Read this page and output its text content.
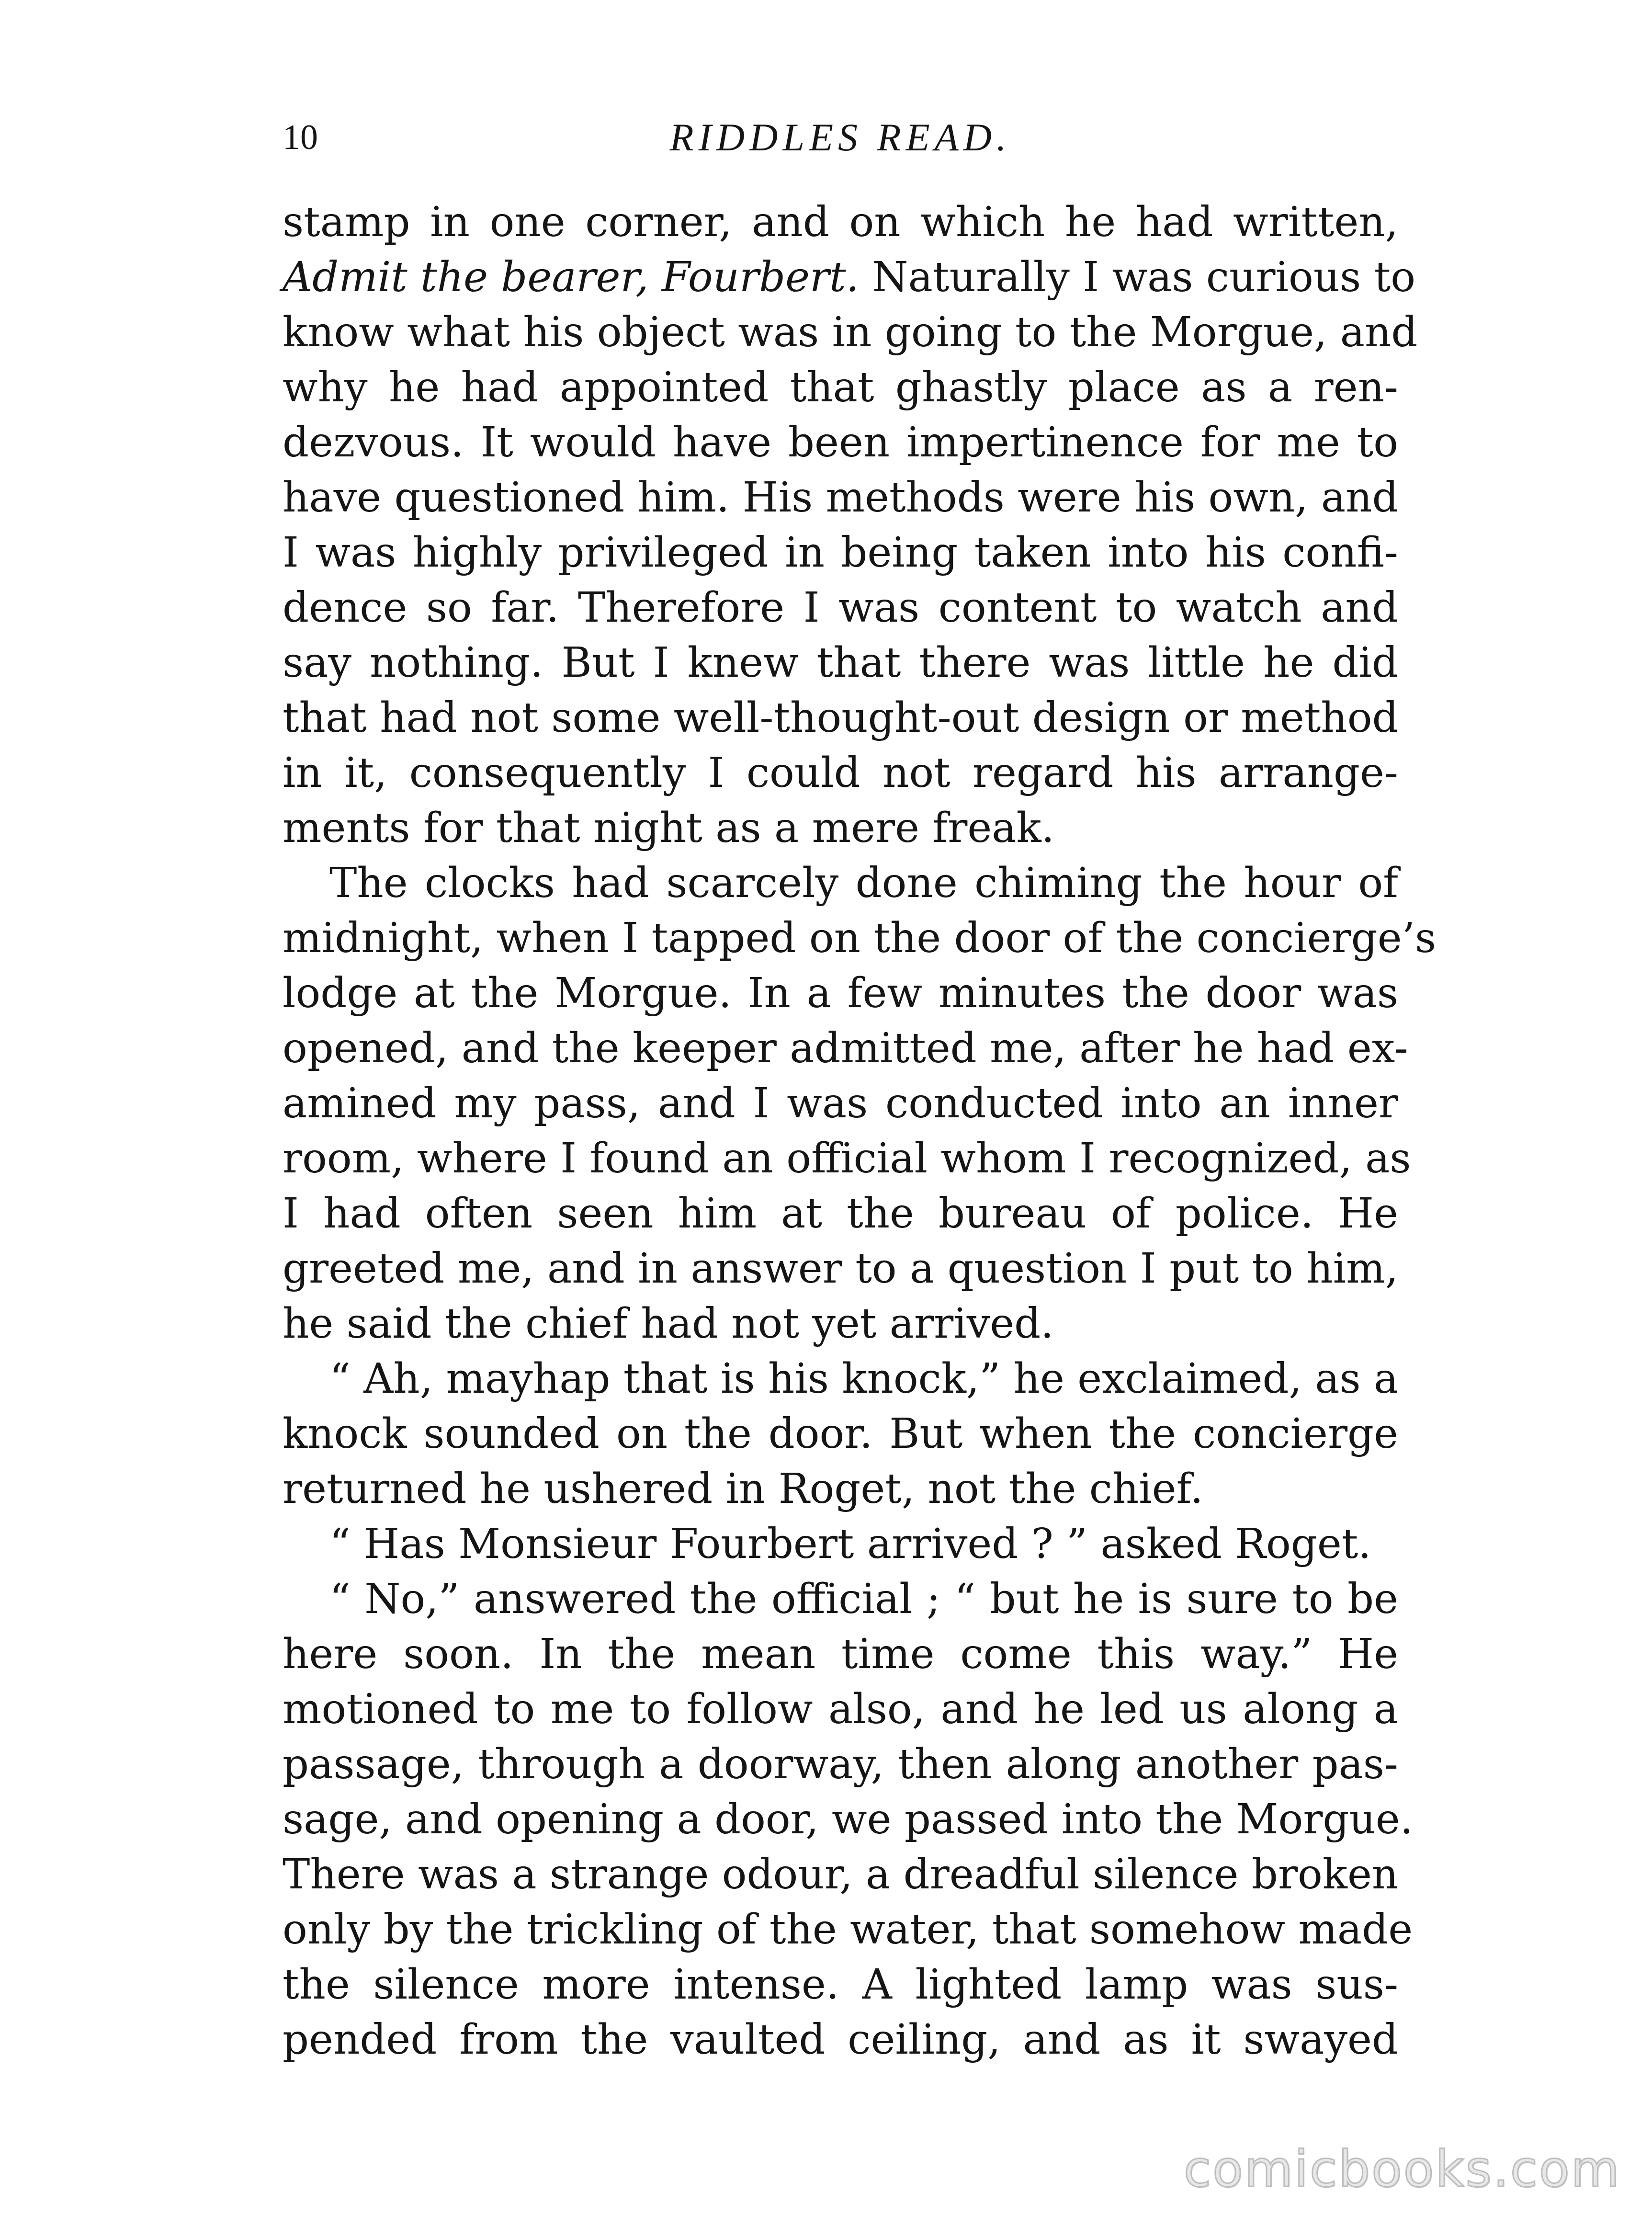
10	RIDDLES READ.
stamp in one corner, and on which he had written,
Admit the bearer, Fourbert. Naturally I was curious to
know what his object was in going to the Morgue, and
why he had appointed that ghastly place as a ren-
dezvous. It would have been impertinence for me to
have questioned him. His methods were his own, and
I was highly privileged in being taken into his confi-
dence so far. Therefore I was content to watch and
say nothing. But I knew that there was little he did
that had not some well-thought-out design or method
in it, consequently I could not regard his arrange-
ments for that night as a mere freak.
The clocks had scarcely done chiming the hour of
midnight, when I tapped on the door of the concierge’s
lodge at the Morgue. In a few minutes the door was
opened, and the keeper admitted me, after he had ex-
amined my pass, and I was conducted into an inner
room, where I found an official whom I recognized, as
I had often seen him at the bureau of police. He
greeted me, and in answer to a question I put to him,
he said the chief had not yet arrived.
“ Ah, mayhap that is his knock,” he exclaimed, as a
knock sounded on the door. But when the concierge
returned he ushered in Roget, not the chief.
“ Has Monsieur Fourbert arrived ? ” asked Roget.
“ No,” answered the official ; “ but he is sure to be
here soon. In the mean time come this way.” He
motioned to me to follow also, and he led us along a
passage, through a doorway, then along another pas-
sage, and opening a door, we passed into the Morgue.
There was a strange odour, a dreadful silence broken
only by the trickling of the water, that somehow made
the silence more intense. A lighted lamp was sus-
pended from the vaulted ceiling, and as it swayed
comicbooks.com
